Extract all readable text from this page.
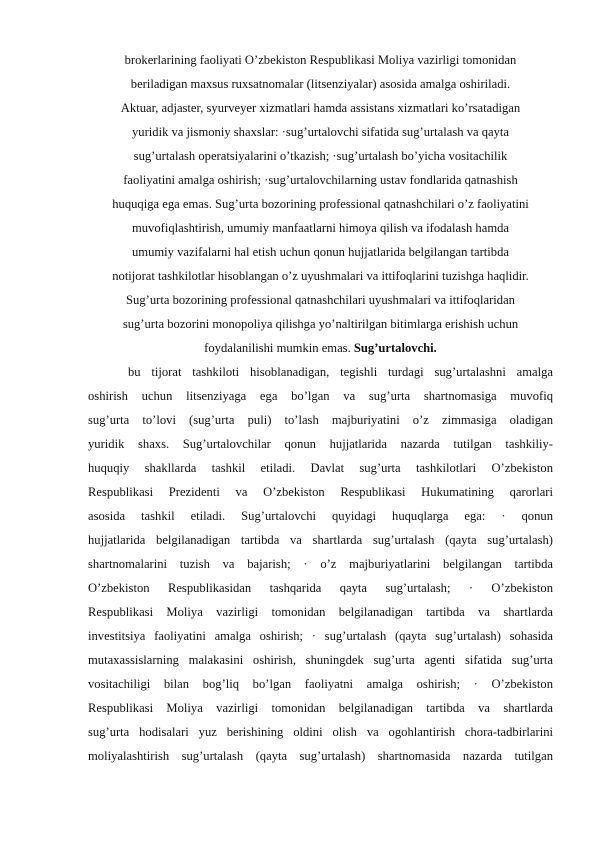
brokerlarining faoliyati O’zbekiston Respublikasi Moliya vazirligi tomonidan
beriladigan maxsus ruxsatnomalar (litsenziyalar) asosida amalga oshiriladi.
Aktuar, adjaster, syurveyer xizmatlari hamda assistans xizmatlari ko’rsatadigan
yuridik va jismoniy shaxslar: ·sug’urtalovchi sifatida sug’urtalash va qayta
sug’urtalash operatsiyalarini o’tkazish; ·sug’urtalash bo’yicha vositachilik
faoliyatini amalga oshirish; ·sug’urtalovchilarning ustav fondlarida qatnashish
huquqiga ega emas. Sug’urta bozorining professional qatnashchilari o’z faoliyatini
muvofiqlashtirish, umumiy manfaatlarni himoya qilish va ifodalash hamda
umumiy vazifalarni hal etish uchun qonun hujjatlarida belgilangan tartibda
notijorat tashkilotlar hisoblangan o’z uyushmalari va ittifoqlarini tuzishga haqlidir.
Sug’urta bozorining professional qatnashchilari uyushmalari va ittifoqlaridan
sug’urta bozorini monopoliya qilishga yo’naltirilgan bitimlarga erishish uchun
foydalanilishi mumkin emas. Sug’urtalovchi.
bu tijorat tashkiloti hisoblanadigan, tegishli turdagi sug’urtalashni amalga
oshirish uchun litsenziyaga ega bo’lgan va sug’urta shartnomasiga muvofiq
sug’urta to’lovi (sug’urta puli) to’lash majburiyatini o’z zimmasiga oladigan
yuridik shaxs. Sug’urtalovchilar qonun hujjatlarida nazarda tutilgan tashkiliy-
huquqiy shakllarda tashkil etiladi. Davlat sug’urta tashkilotlari O’zbekiston
Respublikasi Prezidenti va O’zbekiston Respublikasi Hukumatining qarorlari
asosida tashkil etiladi. Sug’urtalovchi quyidagi huquqlarga ega: · qonun
hujjatlarida belgilanadigan tartibda va shartlarda sug’urtalash (qayta sug’urtalash)
shartnomalarini tuzish va bajarish; · o’z majburiyatlarini belgilangan tartibda
O’zbekiston Respublikasidan tashqarida qayta sug’urtalash; · O’zbekiston
Respublikasi Moliya vazirligi tomonidan belgilanadigan tartibda va shartlarda
investitsiya faoliyatini amalga oshirish; · sug’urtalash (qayta sug’urtalash) sohasida
mutaxassislarning malakasini oshirish, shuningdek sug’urta agenti sifatida sug’urta
vositachiligi bilan bog’liq bo’lgan faoliyatni amalga oshirish; · O’zbekiston
Respublikasi Moliya vazirligi tomonidan belgilanadigan tartibda va shartlarda
sug’urta hodisalari yuz berishining oldini olish va ogohlantirish chora-tadbirlarini
moliyalashtirish sug’urtalash (qayta sug’urtalash) shartnomasida nazarda tutilgan
